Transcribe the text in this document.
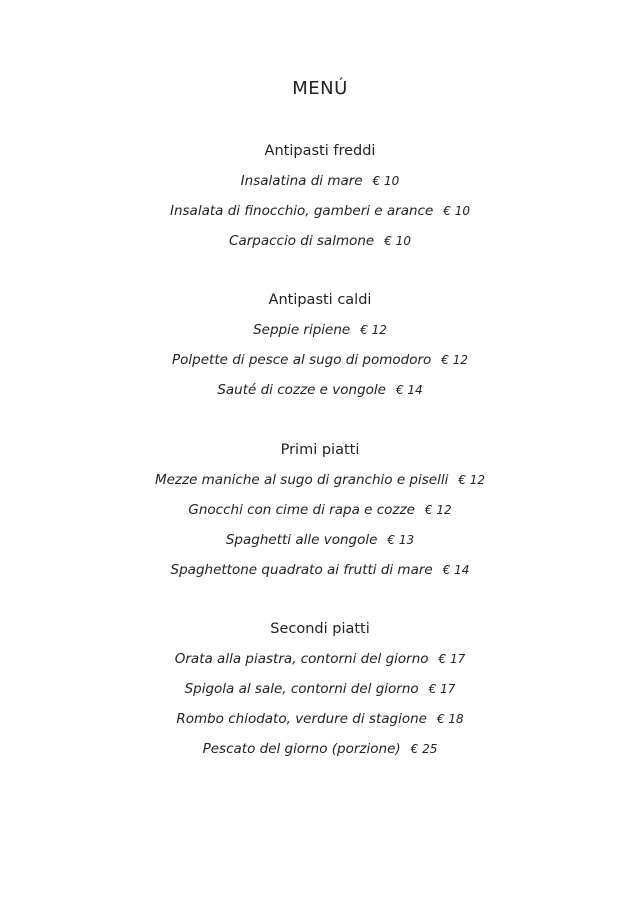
MENÚ
Antipasti freddi
Insalatina di mare € 10
Insalata di finocchio, gamberi e arance € 10
Carpaccio di salmone € 10
Antipasti caldi
Seppie ripiene € 12
Polpette di pesce al sugo di pomodoro € 12
Sauté di cozze e vongole € 14
Primi piatti
Mezze maniche al sugo di granchio e piselli € 12
Gnocchi con cime di rapa e cozze € 12
Spaghetti alle vongole € 13
Spaghettone quadrato ai frutti di mare € 14
Secondi piatti
Orata alla piastra, contorni del giorno € 17
Spigola al sale, contorni del giorno € 17
Rombo chiodato, verdure di stagione € 18
Pescato del giorno (porzione) € 25
